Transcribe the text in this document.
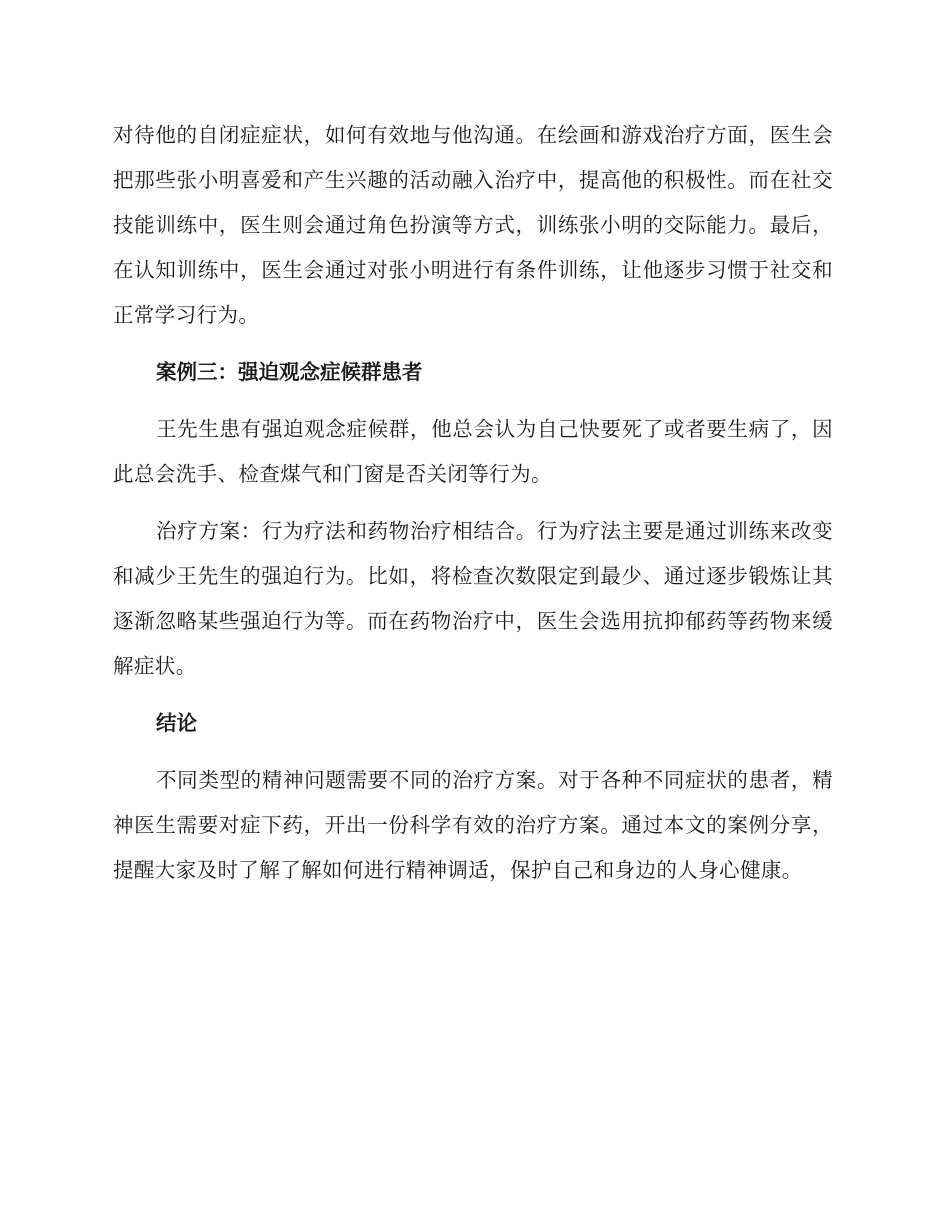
对待他的自闭症症状，如何有效地与他沟通。在绘画和游戏治疗方面，医生会把那些张小明喜爱和产生兴趣的活动融入治疗中，提高他的积极性。而在社交技能训练中，医生则会通过角色扮演等方式，训练张小明的交际能力。最后，在认知训练中，医生会通过对张小明进行有条件训练，让他逐步习惯于社交和正常学习行为。

案例三：强迫观念症候群患者

王先生患有强迫观念症候群，他总会认为自己快要死了或者要生病了，因此总会洗手、检查煤气和门窗是否关闭等行为。

治疗方案：行为疗法和药物治疗相结合。行为疗法主要是通过训练来改变和减少王先生的强迫行为。比如，将检查次数限定到最少、通过逐步锻炼让其逐渐忽略某些强迫行为等。而在药物治疗中，医生会选用抗抑郁药等药物来缓解症状。

结论

不同类型的精神问题需要不同的治疗方案。对于各种不同症状的患者，精神医生需要对症下药，开出一份科学有效的治疗方案。通过本文的案例分享，提醒大家及时了解了解如何进行精神调适，保护自己和身边的人身心健康。
